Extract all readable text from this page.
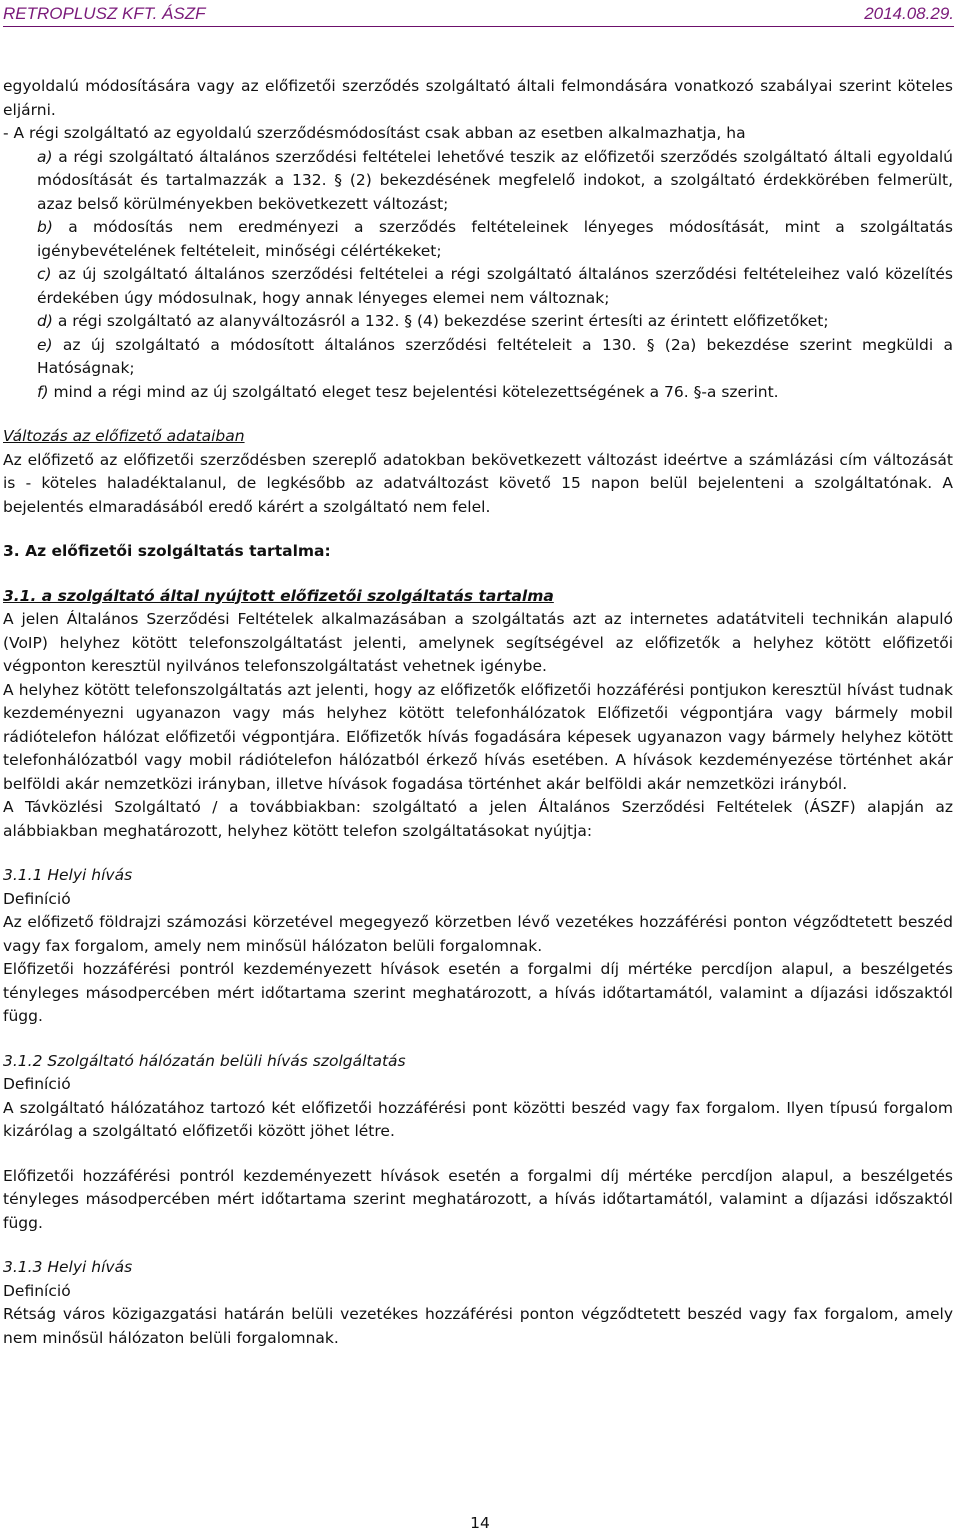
RETROPLUSZ KFT. ÁSZF	2014.08.29.

egyoldalú módosítására vagy az előfizetői szerződés szolgáltató általi felmondására vonatkozó szabályai szerint köteles eljárni.

- A régi szolgáltató az egyoldalú szerződésmódosítást csak abban az esetben alkalmazhatja, ha

a) a régi szolgáltató általános szerződési feltételei lehetővé teszik az előfizetői szerződés szolgáltató általi egyoldalú módosítását és tartalmazzák a 132. § (2) bekezdésének megfelelő indokot, a szolgáltató érdekkörében felmerült, azaz belső körülményekben bekövetkezett változást;

b) a módosítás nem eredményezi a szerződés feltételeinek lényeges módosítását, mint a szolgáltatás igénybevételének feltételeit, minőségi célértékeket;

c) az új szolgáltató általános szerződési feltételei a régi szolgáltató általános szerződési feltételeihez való közelítés érdekében úgy módosulnak, hogy annak lényeges elemei nem változnak;

d) a régi szolgáltató az alanyváltozásról a 132. § (4) bekezdése szerint értesíti az érintett előfizetőket;

e) az új szolgáltató a módosított általános szerződési feltételeit a 130. § (2a) bekezdése szerint megküldi a Hatóságnak;

f) mind a régi mind az új szolgáltató eleget tesz bejelentési kötelezettségének a 76. §-a szerint.

Változás az előfizető adataiban

Az előfizető az előfizetői szerződésben szereplő adatokban bekövetkezett változást ideértve a számlázási cím változását is - köteles haladéktalanul, de legkésőbb az adatváltozást követő 15 napon belül bejelenteni a szolgáltatónak. A bejelentés elmaradásából eredő kárért a szolgáltató nem felel.

3. Az előfizetői szolgáltatás tartalma:

3.1. a szolgáltató által nyújtott előfizetői szolgáltatás tartalma

A jelen Általános Szerződési Feltételek alkalmazásában a szolgáltatás azt az internetes adatátviteli technikán alapuló (VoIP) helyhez kötött telefonszolgáltatást jelenti, amelynek segítségével az előfizetők a helyhez kötött előfizetői végponton keresztül nyilvános telefonszolgáltatást vehetnek igénybe.

A helyhez kötött telefonszolgáltatás azt jelenti, hogy az előfizetők előfizetői hozzáférési pontjukon keresztül hívást tudnak kezdeményezni ugyanazon vagy más helyhez kötött telefonhálózatok Előfizetői végpontjára vagy bármely mobil rádiótelefon hálózat előfizetői végpontjára. Előfizetők hívás fogadására képesek ugyanazon vagy bármely helyhez kötött telefonhálózatból vagy mobil rádiótelefon hálózatból érkező hívás esetében. A hívások kezdeményezése történhet akár belföldi akár nemzetközi irányban, illetve hívások fogadása történhet akár belföldi akár nemzetközi irányból.

A Távközlési Szolgáltató / a továbbiakban: szolgáltató a jelen Általános Szerződési Feltételek (ÁSZF) alapján az alábbiakban meghatározott, helyhez kötött telefon szolgáltatásokat nyújtja:

3.1.1 Helyi hívás

Definíció

Az előfizető földrajzi számozási körzetével megegyező körzetben lévő vezetékes hozzáférési ponton végződtetett beszéd vagy fax forgalom, amely nem minősül hálózaton belüli forgalomnak.

Előfizetői hozzáférési pontról kezdeményezett hívások esetén a forgalmi díj mértéke percdíjon alapul, a beszélgetés tényleges másodpercében mért időtartama szerint meghatározott, a hívás időtartamától, valamint a díjazási időszaktól függ.

3.1.2 Szolgáltató hálózatán belüli hívás szolgáltatás

Definíció

A szolgáltató hálózatához tartozó két előfizetői hozzáférési pont közötti beszéd vagy fax forgalom. Ilyen típusú forgalom kizárólag a szolgáltató előfizetői között jöhet létre.

Előfizetői hozzáférési pontról kezdeményezett hívások esetén a forgalmi díj mértéke percdíjon alapul, a beszélgetés tényleges másodpercében mért időtartama szerint meghatározott, a hívás időtartamától, valamint a díjazási időszaktól függ.

3.1.3 Helyi hívás

Definíció

Rétság város közigazgatási határán belüli vezetékes hozzáférési ponton végződtetett beszéd vagy fax forgalom, amely nem minősül hálózaton belüli forgalomnak.

14
